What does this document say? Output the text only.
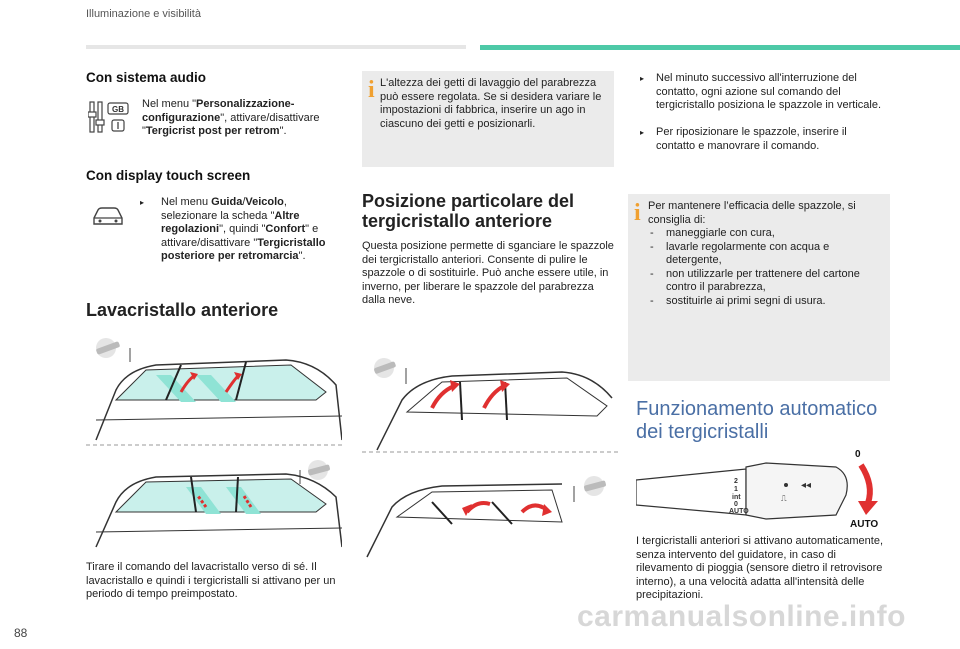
Illuminazione e visibilità
Con sistema audio
GB Nel menu "Personalizzazione-configurazione", attivare/disattivare "Tergicrist post per retrom".
Con display touch screen
▸	Nel menu Guida/Veicolo, selezionare la scheda "Altre regolazioni", quindi "Confort" e attivare/disattivare "Tergicristallo posteriore per retromarcia".
Lavacristallo anteriore
Tirare il comando del lavacristallo verso di sé. Il lavacristallo e quindi i tergicristalli si attivano per un periodo di tempo preimpostato.
i L'altezza dei getti di lavaggio del parabrezza può essere regolata. Se si desidera variare le impostazioni di fabbrica, inserire un ago in ciascuno dei getti e posizionarli.
Posizione particolare del tergicristallo anteriore
Questa posizione permette di sganciare le spazzole dei tergicristallo anteriori. Consente di pulire le spazzole o di sostituirle. Può anche essere utile, in inverno, per liberare le spazzole del parabrezza dalla neve.
▸	Nel minuto successivo all'interruzione del contatto, ogni azione sul comando del tergicristallo posiziona le spazzole in verticale.
▸	Per riposizionare le spazzole, inserire il contatto e manovrare il comando.
i Per mantenere l’efficacia delle spazzole, si consiglia di:
- maneggiarle con cura,
- lavarle regolarmente con acqua e detergente,
- non utilizzarle per trattenere del cartone contro il parabrezza,
- sostituirle ai primi segni di usura.
Funzionamento automatico dei tergicristalli
◂◂
⎍
2
1
int
0
AUTO
0
AUTO
I tergicristalli anteriori si attivano automaticamente, senza intervento del guidatore, in caso di rilevamento di pioggia (sensore dietro il retrovisore interno), a una velocità adatta all'intensità delle precipitazioni.
88	carmanualsonline.info
